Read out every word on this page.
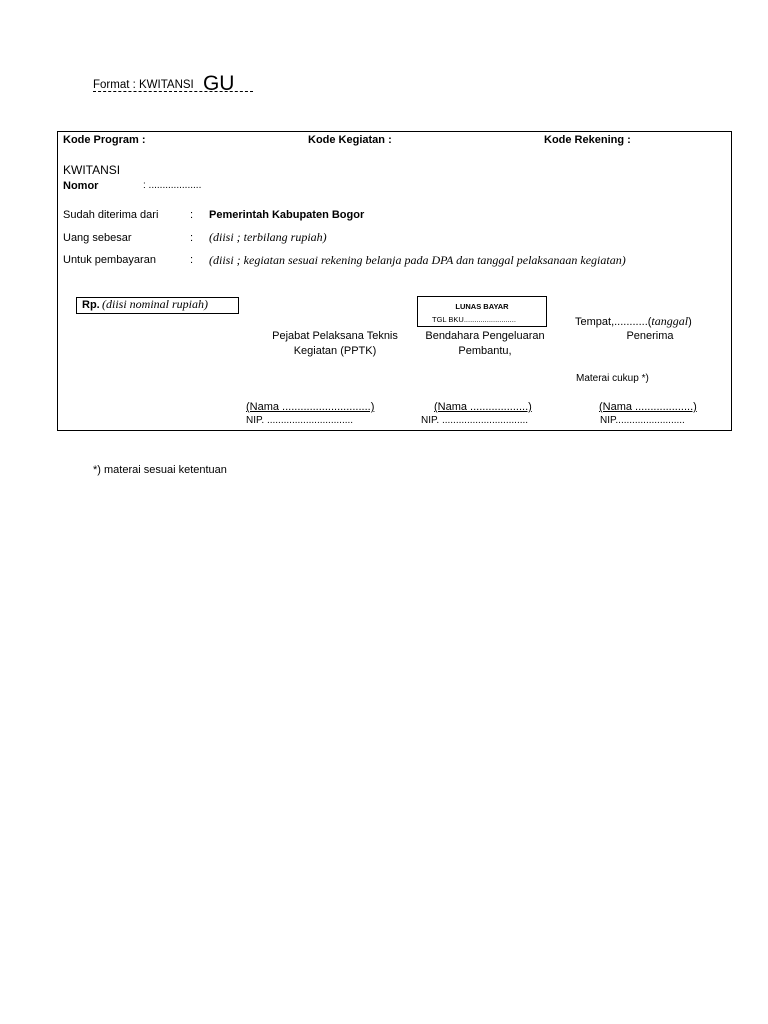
Format : KWITANSI GU
Kode Program :	Kode Kegiatan :	Kode Rekening :
KWITANSI
Nomor	: ...................
Sudah diterima dari	: Pemerintah Kabupaten Bogor
Uang sebesar	: (diisi ; terbilang rupiah)
Untuk pembayaran	: (diisi ; kegiatan sesuai rekening belanja pada DPA dan tanggal pelaksanaan kegiatan)
Rp. (diisi nominal rupiah)	LUNAS BAYAR
TGL BKU.........................	Tempat,...........(tanggal)
Pejabat Pelaksana Teknis
Kegiatan (PPTK)
Bendahara Pengeluaran
Pembantu,
Penerima
Materai cukup *)
(Nama .............................)
NIP. ...............................
(Nama ...................)
NIP. ...............................
(Nama ...................)
NIP.........................
*) materai sesuai ketentuan
